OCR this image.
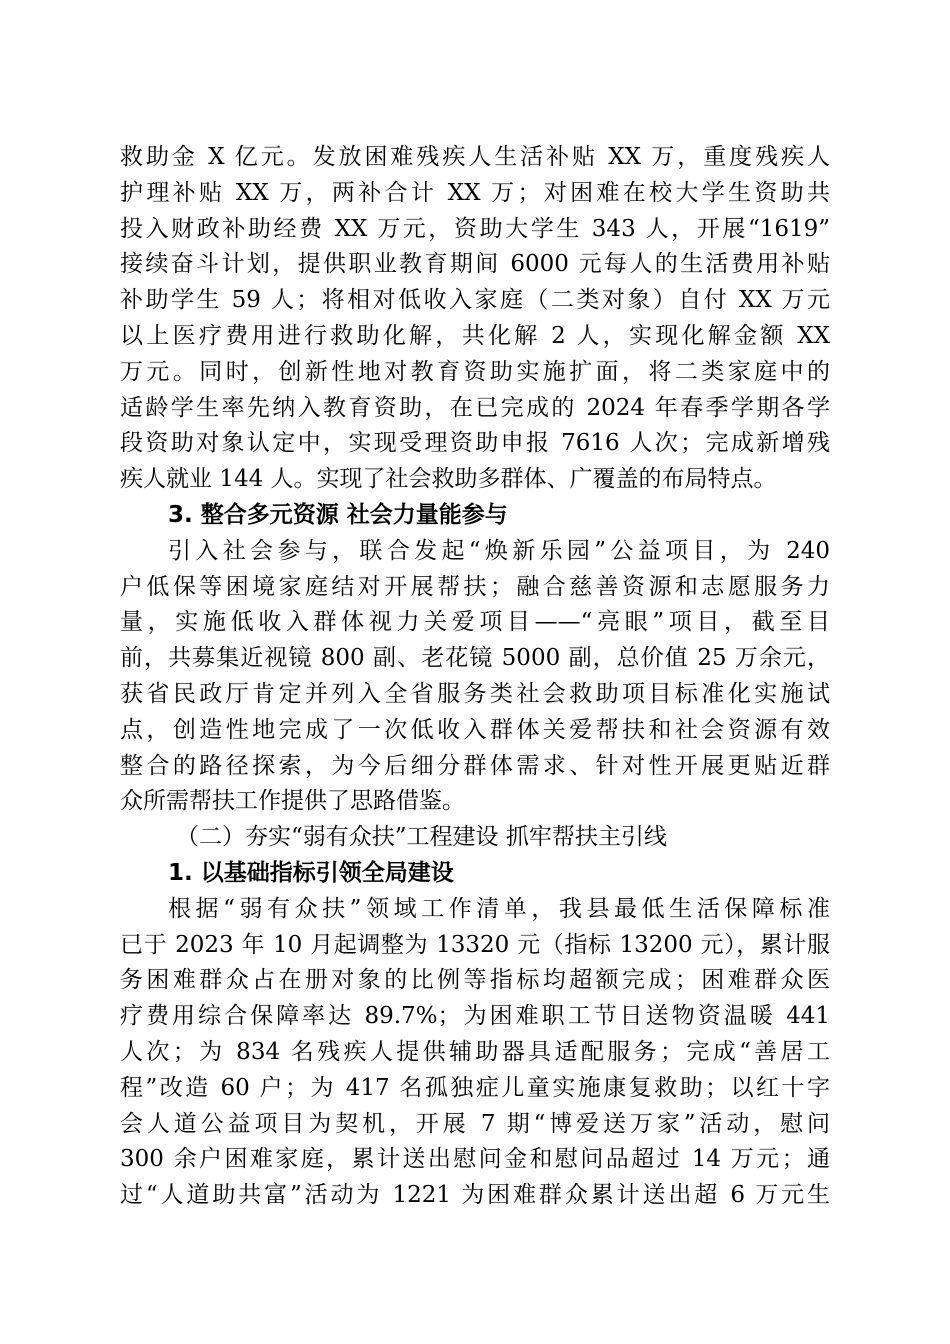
救助金 X 亿元。发放困难残疾人生活补贴 XX 万，重度残疾人
护理补贴 XX 万，两补合计 XX 万；对困难在校大学生资助共
投入财政补助经费 XX 万元，资助大学生 343 人，开展“1619”
接续奋斗计划，提供职业教育期间 6000 元每人的生活费用补贴
补助学生 59 人；将相对低收入家庭（二类对象）自付 XX 万元
以上医疗费用进行救助化解，共化解 2 人，实现化解金额 XX
万元。同时，创新性地对教育资助实施扩面，将二类家庭中的
适龄学生率先纳入教育资助，在已完成的 2024 年春季学期各学
段资助对象认定中，实现受理资助申报 7616 人次；完成新增残
疾人就业 144 人。实现了社会救助多群体、广覆盖的布局特点。
3. 整合多元资源 社会力量能参与
引入社会参与，联合发起“焕新乐园”公益项目，为 240
户低保等困境家庭结对开展帮扶；融合慈善资源和志愿服务力
量，实施低收入群体视力关爱项目——“亮眼”项目，截至目
前，共募集近视镜 800 副、老花镜 5000 副，总价值 25 万余元，
获省民政厅肯定并列入全省服务类社会救助项目标准化实施试
点，创造性地完成了一次低收入群体关爱帮扶和社会资源有效
整合的路径探索，为今后细分群体需求、针对性开展更贴近群
众所需帮扶工作提供了思路借鉴。
（二）夯实“弱有众扶”工程建设 抓牢帮扶主引线
1. 以基础指标引领全局建设
根据“弱有众扶”领域工作清单，我县最低生活保障标准
已于 2023 年 10 月起调整为 13320 元（指标 13200 元），累计服
务困难群众占在册对象的比例等指标均超额完成；困难群众医
疗费用综合保障率达 89.7%；为困难职工节日送物资温暖 441
人次；为 834 名残疾人提供辅助器具适配服务；完成“善居工
程”改造 60 户；为 417 名孤独症儿童实施康复救助；以红十字
会人道公益项目为契机，开展 7 期“博爱送万家”活动，慰问
300 余户困难家庭，累计送出慰问金和慰问品超过 14 万元；通
过“人道助共富”活动为 1221 为困难群众累计送出超 6 万元生
